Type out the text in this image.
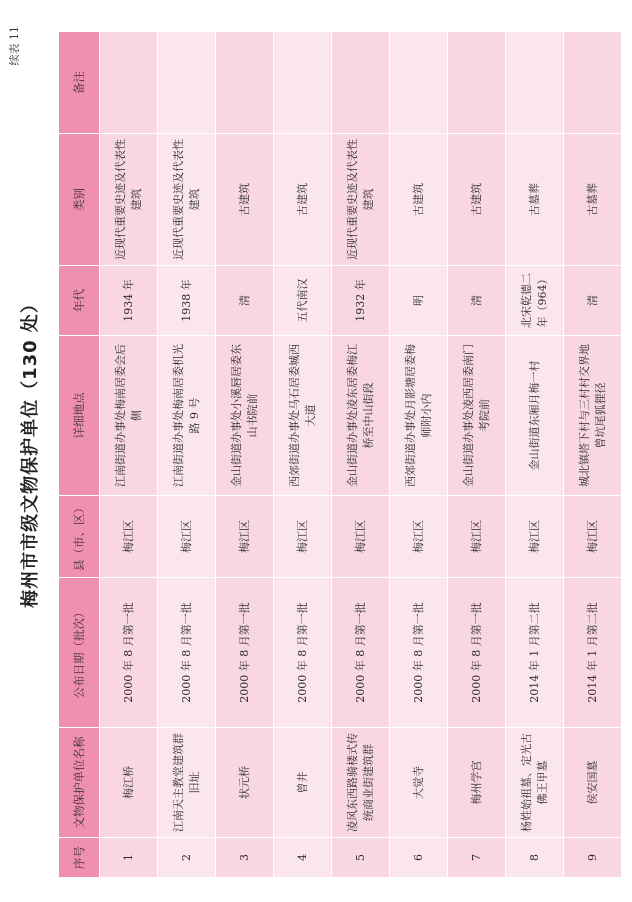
续表 11
梅州市市级文物保护单位（130 处）
序号	文物保护单位名称	公布日期（批次）	县（市、区）	详细地点	年代	类别	备注
1	梅江桥	2000 年 8 月第一批	梅江区	江南街道办事处梅南居委会后侧	1934 年	近现代重要史迹及代表性建筑	
2	江南天主教堂建筑群旧址	2000 年 8 月第一批	梅江区	江南街道办事处梅南居委机光路 9 号	1938 年	近现代重要史迹及代表性建筑	
3	状元桥	2000 年 8 月第一批	梅江区	金山街道办事处小溪唇居委东山书院前	清	古建筑	
4	曾井	2000 年 8 月第一批	梅江区	西郊街道办事处马石居委城西大道	五代南汉	古建筑	
5	凌风东西路骑楼式传统商业街建筑群	2000 年 8 月第一批	梅江区	金山街道办事处凌东居委梅江桥至中山街段	1932 年	近现代重要史迹及代表性建筑	
6	大觉寺	2000 年 8 月第一批	梅江区	西郊街道办事处月影塘居委梅师附小内	明	古建筑	
7	梅州学宫	2000 年 8 月第一批	梅江区	金山街道办事处凌西居委南门考院前	清	古建筑	
8	杨姓始祖墓、定光古佛王甲墓	2014 年 1 月第二批	梅江区	金山街道东厢月梅一村	北宋乾德二年（964）	古墓葬	
9	侯安国墓	2014 年 1 月第二批	梅江区	城北镇塔下村与三村村交界地曾坑尾狐狸径	清	古墓葬	
